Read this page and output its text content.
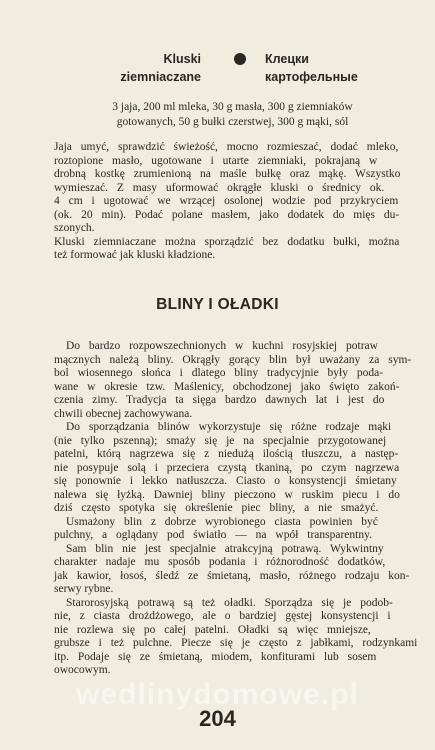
Kluski
ziemniaczane
Клецки
картофельные
3 jaja, 200 ml mleka, 30 g masła, 300 g ziemniaków
gotowanych, 50 g bułki czerstwej, 300 g mąki, sól
Jaja umyć, sprawdzić świeżość, mocno rozmieszać, dodać mleko,
roztopione masło, ugotowane i utarte ziemniaki, pokrajaną w
drobną kostkę zrumienioną na maśle bułkę oraz mąkę. Wszystko
wymieszać. Z masy uformować okrągłe kluski o średnicy ok.
4 cm i ugotować we wrzącej osolonej wodzie pod przykryciem
(ok. 20 min). Podać polane masłem, jako dodatek do mięs du-
szonych.
Kluski ziemniaczane można sporządzić bez dodatku bułki, można
też formować jak kluski kładzione.
BLINY I OŁADKI
Do bardzo rozpowszechnionych w kuchni rosyjskiej potraw
mącznych należą bliny. Okrągły gorący blin był uważany za sym-
bol wiosennego słońca i dlatego bliny tradycyjnie były poda-
wane w okresie tzw. Maślenicy, obchodzonej jako święto zakoń-
czenia zimy. Tradycja ta sięga bardzo dawnych lat i jest do
chwili obecnej zachowywana.
Do sporządzania blinów wykorzystuje się różne rodzaje mąki
(nie tylko pszenną); smaży się je na specjalnie przygotowanej
patelni, którą nagrzewa się z niedużą ilością tłuszczu, a następ-
nie posypuje solą i przeciera czystą tkaniną, po czym nagrzewa
się ponownie i lekko natłuszcza. Ciasto o konsystencji śmietany
nalewa się łyżką. Dawniej bliny pieczono w ruskim piecu i do
dziś często spotyka się określenie piec bliny, a nie smażyć.
Usmażony blin z dobrze wyrobionego ciasta powinien być
pulchny, a oglądany pod światło — na wpół transparentny.
Sam blin nie jest specjalnie atrakcyjną potrawą. Wykwintny
charakter nadaje mu sposób podania i różnorodność dodatków,
jak kawior, łosoś, śledź ze śmietaną, masło, różnego rodzaju kon-
serwy rybne.
Starorosyjską potrawą są też oładki. Sporządza się je podob-
nie, z ciasta drożdżowego, ale o bardziej gęstej konsystencji i
nie rozlewa się po całej patelni. Oładki są więc mniejsze,
grubsze i też pulchne. Piecze się je często z jabłkami, rodzynkami
itp. Podaje się ze śmietaną, miodem, konfiturami lub sosem
owocowym.
wedlinydomowe.pl
204
